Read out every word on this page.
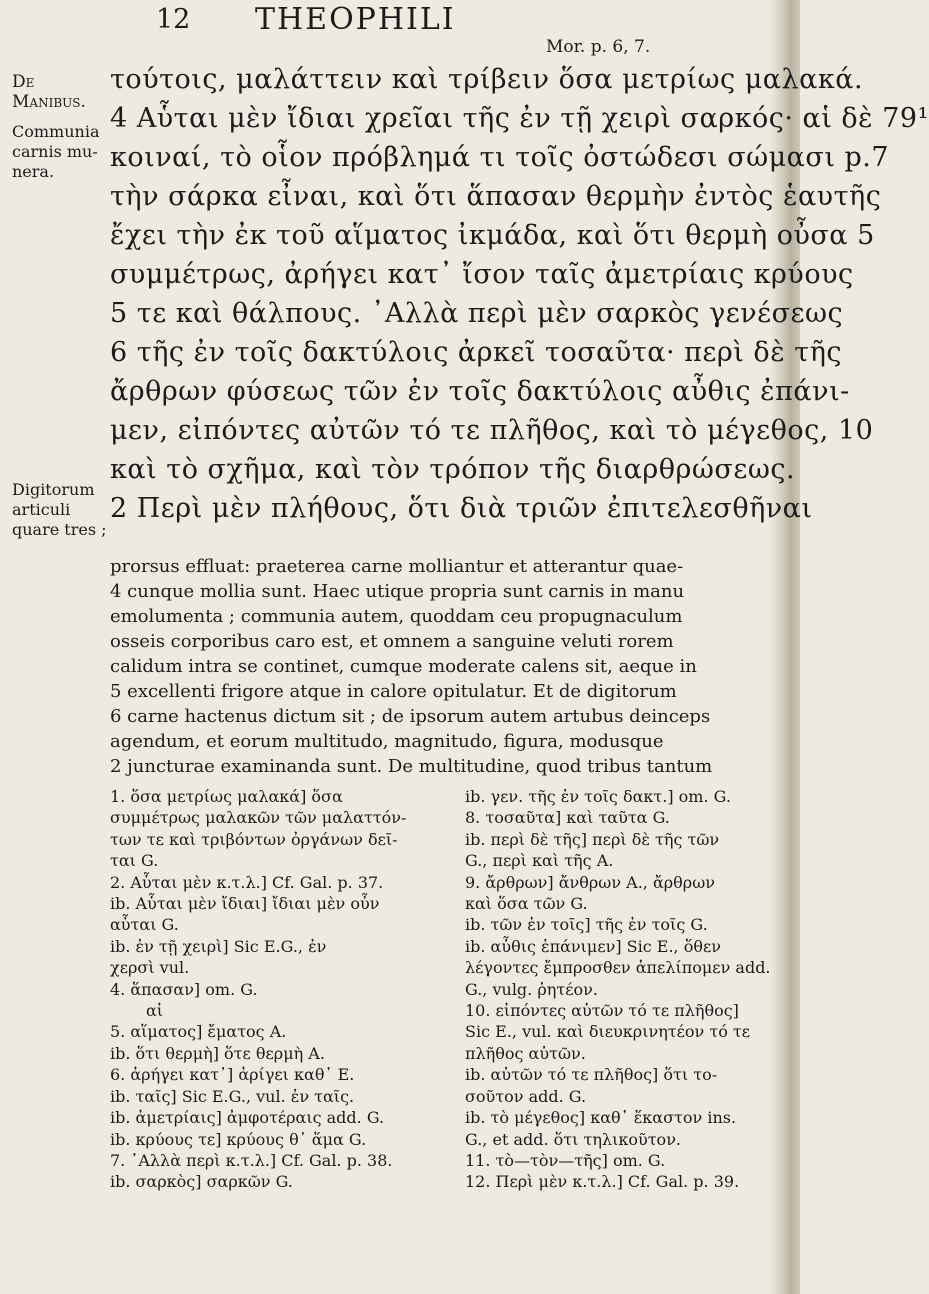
12 THEOPHILI
Mor. p. 6, 7.
De
Manibus.
Communia
carnis mu-
nera.
Digitorum
articuli
quare tres ;
τούτοις, μαλάττειν καὶ τρίβειν ὅσα μετρίως μαλακά.
4 Αὗται μὲν ἴδιαι χρεῖαι τῆς ἐν τῇ χειρὶ σαρκός· αἱ δὲ 79¹
κοιναί, τὸ οἷον πρόβλημά τι τοῖς ὀστώδεσι σώμασι p.7
τὴν σάρκα εἶναι, καὶ ὅτι ἅπασαν θερμὴν ἐντὸς ἑαυτῆς
ἔχει τὴν ἐκ τοῦ αἵματος ἰκμάδα, καὶ ὅτι θερμὴ οὖσα 5
συμμέτρως, ἀρήγει κατ᾽ ἴσον ταῖς ἀμετρίαις κρύους
5 τε καὶ θάλπους. ᾿Αλλὰ περὶ μὲν σαρκὸς γενέσεως
6 τῆς ἐν τοῖς δακτύλοις ἀρκεῖ τοσαῦτα· περὶ δὲ τῆς
ἄρθρων φύσεως τῶν ἐν τοῖς δακτύλοις αὖθις ἐπάνι-
μεν, εἰπόντες αὐτῶν τό τε πλῆθος, καὶ τὸ μέγεθος, 10
καὶ τὸ σχῆμα, καὶ τὸν τρόπον τῆς διαρθρώσεως.
2 Περὶ μὲν πλήθους, ὅτι διὰ τριῶν ἐπιτελεσθῆναι
prorsus effluat: praeterea carne molliantur et atterantur quae-
4 cunque mollia sunt. Haec utique propria sunt carnis in manu
emolumenta ; communia autem, quoddam ceu propugnaculum
osseis corporibus caro est, et omnem a sanguine veluti rorem
calidum intra se continet, cumque moderate calens sit, aeque in
5 excellenti frigore atque in calore opitulatur. Et de digitorum
6 carne hactenus dictum sit ; de ipsorum autem artubus deinceps
agendum, et eorum multitudo, magnitudo, figura, modusque
2 juncturae examinanda sunt. De multitudine, quod tribus tantum
1. ὅσα μετρίως μαλακά] ὅσα
συμμέτρως μαλακῶν τῶν μαλαττόν-
των τε καὶ τριβόντων ὀργάνων δεῖ-
ται G.
2. Αὗται μὲν κ.τ.λ.] Cf. Gal. p. 37.
ib. Αὗται μὲν ἴδιαι] ἴδιαι μὲν οὖν
αὗται G.
ib. ἐν τῇ χειρὶ] Sic E.G., ἐν
χερσὶ vul.
4. ἅπασαν] om. G.
αἱ
5. αἵματος] ἔματος A.
ib. ὅτι θερμὴ] ὅτε θερμὴ A.
6. ἀρήγει κατ᾽] ἀρίγει καθ᾽ E.
ib. ταῖς] Sic E.G., vul. ἐν ταῖς.
ib. ἀμετρίαις] ἀμφοτέραις add. G.
ib. κρύους τε] κρύους θ᾽ ἅμα G.
7. ᾿Αλλὰ περὶ κ.τ.λ.] Cf. Gal. p. 38.
ib. σαρκὸς] σαρκῶν G.
ib. γεν. τῆς ἐν τοῖς δακτ.] om. G.
8. τοσαῦτα] καὶ ταῦτα G.
ib. περὶ δὲ τῆς] περὶ δὲ τῆς τῶν
G., περὶ καὶ τῆς A.
9. ἄρθρων] ἄνθρων A., ἄρθρων
καὶ ὅσα τῶν G.
ib. τῶν ἐν τοῖς] τῆς ἐν τοῖς G.
ib. αὖθις ἐπάνιμεν] Sic E., ὅθεν
λέγοντες ἔμπροσθεν ἀπελίπομεν add.
G., vulg. ῥητέον.
10. εἰπόντες αὐτῶν τό τε πλῆθος]
Sic E., vul. καὶ διευκρινητέον τό τε
πλῆθος αὐτῶν.
ib. αὐτῶν τό τε πλῆθος] ὅτι το-
σοῦτον add. G.
ib. τὸ μέγεθος] καθ᾽ ἕκαστον ins.
G., et add. ὅτι τηλικοῦτον.
11. τὸ—τὸν—τῆς] om. G.
12. Περὶ μὲν κ.τ.λ.] Cf. Gal. p. 39.
